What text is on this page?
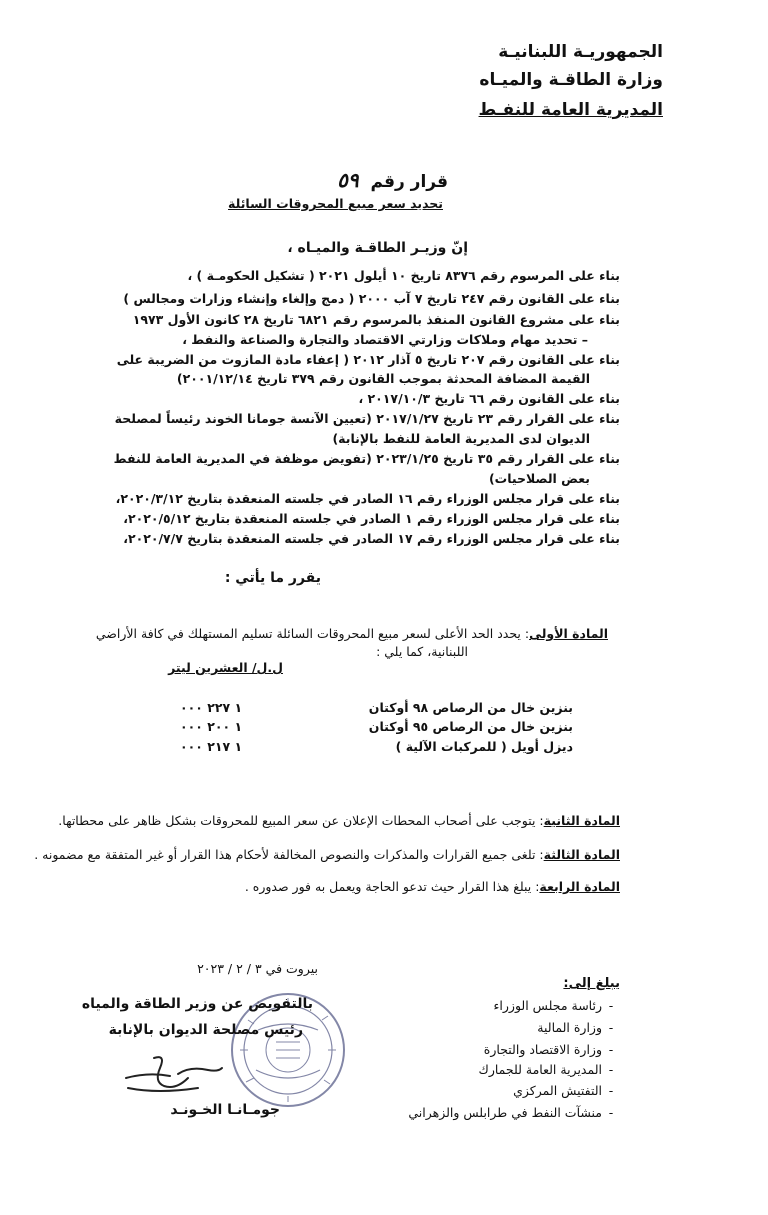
الجمهوريـة اللبنانيـة
وزارة الطاقـة والميـاه
المديرية العامة للنفـط
قرار رقم ٥٩
تحديد سعر مبيع المحروقات السائلة
إنّ وزيـر الطاقـة والميـاه ،
بناء على المرسوم رقم ٨٣٧٦ تاريخ ١٠ أيلول ٢٠٢١ ( تشكيل الحكومـة ) ،
بناء على القانون رقم ٢٤٧ تاريخ ٧ آب ٢٠٠٠ ( دمج وإلغاء وإنشاء وزارات ومجالس )
بناء على مشروع القانون المنفذ بالمرسوم رقم ٦٨٢١ تاريخ ٢٨ كانون الأول ١٩٧٣
– تحديد مهام وملاكات وزارتي الاقتصاد والتجارة والصناعة والنفط ،
بناء على القانون رقم ٢٠٧ تاريخ ٥ آذار ٢٠١٢ ( إعفاء مادة المازوت من الضريبة على
القيمة المضافة المحدثة بموجب القانون رقم ٣٧٩ تاريخ ٢٠٠١/١٢/١٤)
بناء على القانون رقم ٦٦ تاريخ ٢٠١٧/١٠/٣ ،
بناء على القرار رقم ٢٣ تاريخ ٢٠١٧/١/٢٧ (تعيين الآنسة جومانا الخوند رئيساً لمصلحة
الديوان لدى المديرية العامة للنفط بالإنابة)
بناء على القرار رقم ٣٥ تاريخ ٢٠٢٣/١/٢٥ (تفويض موظفة في المديرية العامة للنفط
بعض الصلاحيات)
بناء على قرار مجلس الوزراء رقم ١٦ الصادر في جلسته المنعقدة بتاريخ ٢٠٢٠/٣/١٢،
بناء على قرار مجلس الوزراء رقم ١ الصادر في جلسته المنعقدة بتاريخ ٢٠٢٠/٥/١٢،
بناء على قرار مجلس الوزراء رقم ١٧ الصادر في جلسته المنعقدة بتاريخ ٢٠٢٠/٧/٧،
يقرر ما يأتي :
المادة الأولى: يحدد الحد الأعلى لسعر مبيع المحروقات السائلة تسليم المستهلك في كافة الأراضي
اللبنانية، كما يلي :
ل.ل/ العشرين ليتر
بنزين خال من الرصاص ٩٨ أوكتان
١ ٢٢٧ ٠٠٠
بنزين خال من الرصاص ٩٥ أوكتان
١ ٢٠٠ ٠٠٠
ديزل أويل ( للمركبات الآلية )
١ ٢١٧ ٠٠٠
المادة الثانية: يتوجب على أصحاب المحطات الإعلان عن سعر المبيع للمحروقات بشكل ظاهر على محطاتها.
المادة الثالثة: تلغى جميع القرارات والمذكرات والنصوص المخالفة لأحكام هذا القرار أو غير المتفقة مع مضمونه .
المادة الرابعة: يبلغ هذا القرار حيث تدعو الحاجة ويعمل به فور صدوره .
بيروت في ٣ / ٢ / ٢٠٢٣
بالتفويض عن وزير الطاقة والمياه
رئيس مصلحة الديوان بالإنابة
جومـانـا الخـونـد
يبلغ إلى:
-رئاسة مجلس الوزراء
-وزارة المالية
-وزارة الاقتصاد والتجارة
-المديرية العامة للجمارك
-التفتيش المركزي
-منشآت النفط في طرابلس والزهراني
